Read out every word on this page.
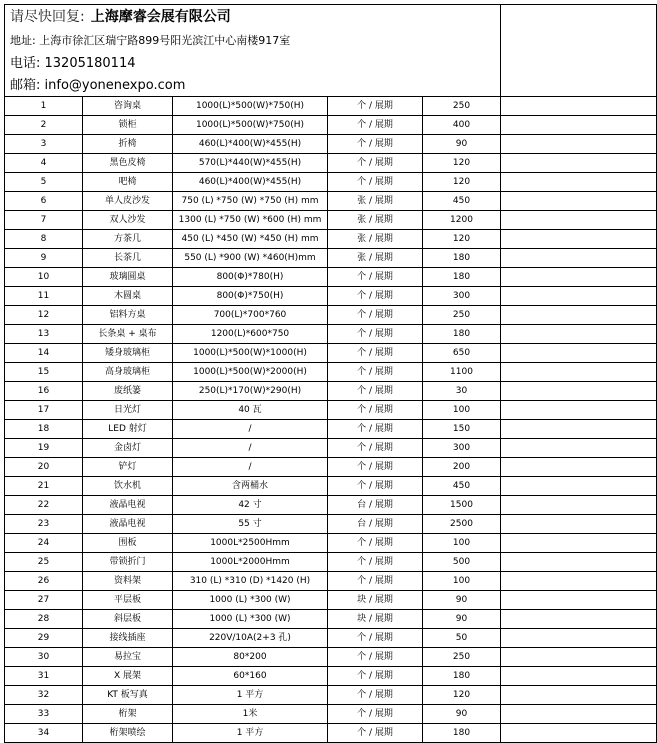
请尽快回复: 上海摩睿会展有限公司					
地址: 上海市徐汇区瑞宁路899号阳光滨江中心南楼917室					
电话: 13205180114					
邮箱: info@yonenexpo.com					
1	咨询桌	1000(L)*500(W)*750(H)	个 / 展期	250	
2	锁柜	1000(L)*500(W)*750(H)	个 / 展期	400	
3	折椅	460(L)*400(W)*455(H)	个 / 展期	90	
4	黑色皮椅	570(L)*440(W)*455(H)	个 / 展期	120	
5	吧椅	460(L)*400(W)*455(H)	个 / 展期	120	
6	单人皮沙发	750 (L) *750 (W) *750 (H) mm	张 / 展期	450	
7	双人沙发	1300 (L) *750 (W) *600 (H) mm	张 / 展期	1200	
8	方茶几	450 (L) *450 (W) *450 (H) mm	张 / 展期	120	
9	长茶几	550 (L) *900 (W) *460(H)mm	张 / 展期	180	
10	玻璃圆桌	800(Φ)*780(H)	个 / 展期	180	
11	木圆桌	800(Φ)*750(H)	个 / 展期	300	
12	铝料方桌	700(L)*700*760	个 / 展期	250	
13	长条桌 + 桌布	1200(L)*600*750	个 / 展期	180	
14	矮身玻璃柜	1000(L)*500(W)*1000(H)	个 / 展期	650	
15	高身玻璃柜	1000(L)*500(W)*2000(H)	个 / 展期	1100	
16	废纸篓	250(L)*170(W)*290(H)	个 / 展期	30	
17	日光灯	40 瓦	个 / 展期	100	
18	LED 射灯	/	个 / 展期	150	
19	金卤灯	/	个 / 展期	300	
20	铲灯	/	个 / 展期	200	
21	饮水机	含两桶水	个 / 展期	450	
22	液晶电视	42 寸	台 / 展期	1500	
23	液晶电视	55 寸	台 / 展期	2500	
24	围板	1000L*2500Hmm	个 / 展期	100	
25	带锁折门	1000L*2000Hmm	个 / 展期	500	
26	资料架	310 (L) *310 (D) *1420 (H)	个 / 展期	100	
27	平层板	1000 (L) *300 (W)	块 / 展期	90	
28	斜层板	1000 (L) *300 (W)	块 / 展期	90	
29	接线插座	220V/10A(2+3 孔)	个 / 展期	50	
30	易拉宝	80*200	个 / 展期	250	
31	X 展架	60*160	个 / 展期	180	
32	KT 板写真	1 平方	个 / 展期	120	
33	桁架	1米	个 / 展期	90	
34	桁架喷绘	1 平方	个 / 展期	180	
